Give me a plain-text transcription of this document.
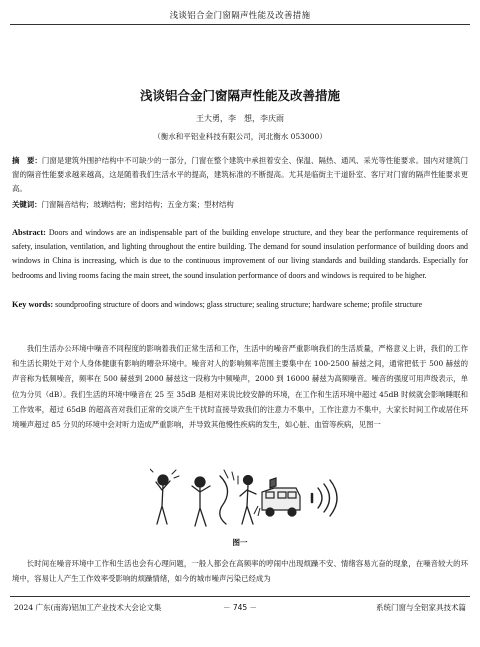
浅谈铝合金门窗隔声性能及改善措施
浅谈铝合金门窗隔声性能及改善措施
王大勇，李　想，李庆雨
（衡水和平铝业科技有限公司，河北衡水 053000）
摘　要：门窗是建筑外围护结构中不可缺少的一部分，门窗在整个建筑中承担着安全、保温、隔热、通风、采光等性能要求。国内对建筑门窗的隔音性能要求越来越高，这是随着我们生活水平的提高，建筑标准的不断提高。尤其是临街主干道卧室、客厅对门窗的隔声性能要求更高。
关键词：门窗隔音结构；玻璃结构；密封结构；五金方案；型材结构
Abstract: Doors and windows are an indispensable part of the building envelope structure, and they bear the performance requirements of safety, insulation, ventilation, and lighting throughout the entire building. The demand for sound insulation performance of building doors and windows in China is increasing, which is due to the continuous improvement of our living standards and building standards. Especially for bedrooms and living rooms facing the main street, the sound insulation performance of doors and windows is required to be higher.
Key words: soundproofing structure of doors and windows; glass structure; sealing structure; hardware scheme; profile structure
我们生活办公环境中噪音不同程度的影响着我们正常生活和工作，生活中的噪音严重影响我们的生活质量，严格意义上讲，我们的工作和生活长期处于对个人身体健康有影响的嘈杂环境中。噪音对人的影响频率范围主要集中在 100-2500 赫兹之间，通常把低于 500 赫兹的声音称为低频噪音，频率在 500 赫兹到 2000 赫兹这一段称为中频噪声，2000 到 16000 赫兹为高频噪音。噪音的强度可用声级表示，单位为分贝（dB）。我们生活的环境中噪音在 25 至 35dB 是相对来说比较安静的环境，在工作和生活环境中超过 45dB 时候就会影响睡眠和工作效率，超过 65dB 的超高音对我们正常的交谈产生干扰时直接导致我们的注意力不集中，工作注意力不集中，大家长时间工作或居住环境噪声超过 85 分贝的环境中会对听力造成严重影响，并导致其他慢性疾病的发生，如心脏、血管等疾病，见图一
图一
长时间在噪音环境中工作和生活也会有心理问题，一般人都会在高频率的哼闹中出现烦躁不安、情绪容易亢奋的现象，在噪音较大的环境中，容易让人产生工作效率受影响的烦躁情绪，如今的城市噪声污染已经成为
2024 广东(南海)铝加工产业技术大会论文集	－ 745 －	系统门窗与全铝家具技术篇
